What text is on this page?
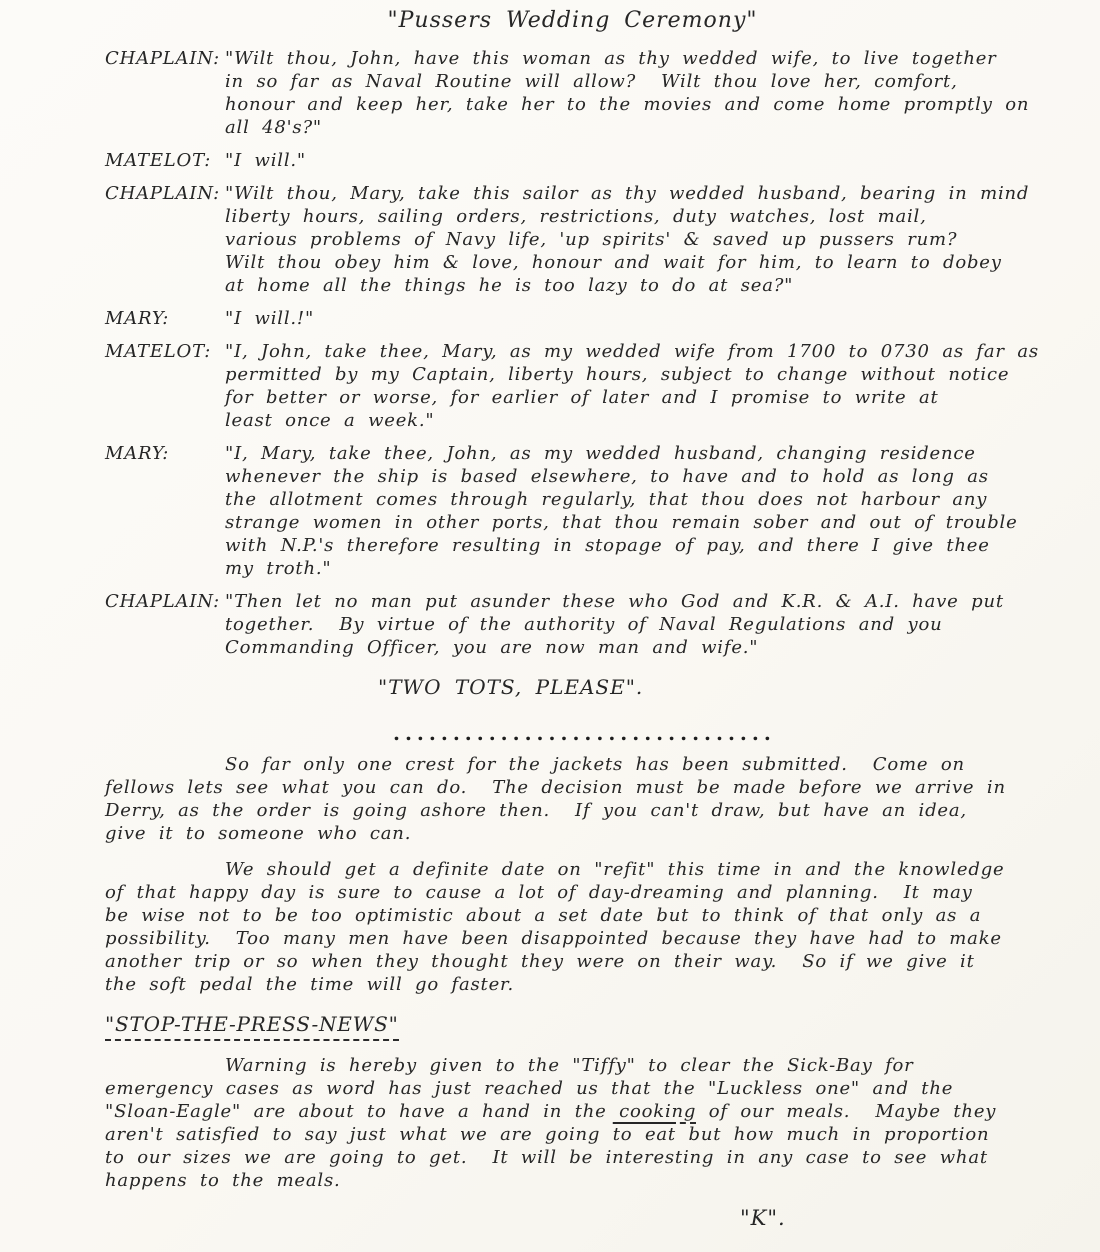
"Pussers Wedding Ceremony"
CHAPLAIN: "Wilt thou, John, have this woman as thy wedded wife, to live together
in so far as Naval Routine will allow?  Wilt thou love her, comfort,
honour and keep her, take her to the movies and come home promptly on
all 48's?"
MATELOT: "I will."
CHAPLAIN: "Wilt thou, Mary, take this sailor as thy wedded husband, bearing in mind
liberty hours, sailing orders, restrictions, duty watches, lost mail,
various problems of Navy life, 'up spirits' & saved up pussers rum?
Wilt thou obey him & love, honour and wait for him, to learn to dobey
at home all the things he is too lazy to do at sea?"
MARY:	"I will.!"
MATELOT: "I, John, take thee, Mary, as my wedded wife from 1700 to 0730 as far as
permitted by my Captain, liberty hours, subject to change without notice
for better or worse, for earlier of later and I promise to write at
least once a week."
MARY:	"I, Mary, take thee, John, as my wedded husband, changing residence
whenever the ship is based elsewhere, to have and to hold as long as
the allotment comes through regularly, that thou does not harbour any
strange women in other ports, that thou remain sober and out of trouble
with N.P.'s therefore resulting in stopage of pay, and there I give thee
my troth."
CHAPLAIN: "Then let no man put asunder these who God and K.R. & A.I. have put
together.  By virtue of the authority of Naval Regulations and you
Commanding Officer, you are now man and wife."
"TWO TOTS, PLEASE".
................................

So far only one crest for the jackets has been submitted.  Come on
fellows lets see what you can do.  The decision must be made before we arrive in
Derry, as the order is going ashore then.  If you can't draw, but have an idea,
give it to someone who can.

We should get a definite date on "refit" this time in and the knowledge
of that happy day is sure to cause a lot of day-dreaming and planning.  It may
be wise not to be too optimistic about a set date but to think of that only as a
possibility.  Too many men have been disappointed because they have had to make
another trip or so when they thought they were on their way.  So if we give it
the soft pedal the time will go faster.

"STOP-THE-PRESS-NEWS"

Warning is hereby given to the "Tiffy" to clear the Sick-Bay for
emergency cases as word has just reached us that the "Luckless one" and the
"Sloan-Eagle" are about to have a hand in the cooking of our meals.  Maybe they
aren't satisfied to say just what we are going to eat but how much in proportion
to our sizes we are going to get.  It will be interesting in any case to see what
happens to the meals.

"K".
